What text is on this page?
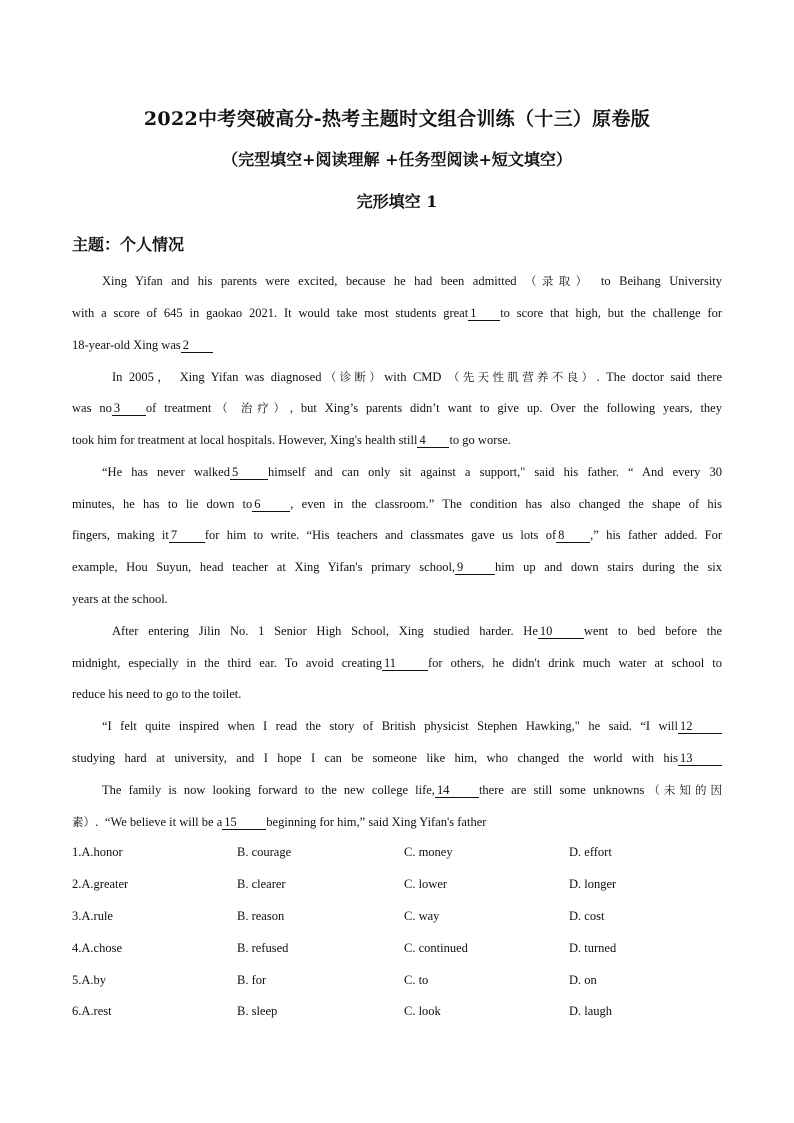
2022中考突破高分-热考主题时文组合训练（十三）原卷版
（完型填空+阅读理解 +任务型阅读+短文填空）
完形填空 1
主题：个人情况
Xing Yifan and his parents were excited, because he had been admitted （录取） to Beihang University
with a score of 645 in gaokao 2021. It would take most students great 1 to score that high, but the challenge for
18-year-old Xing was 2
In 2005， Xing Yifan was diagnosed（诊断）with CMD （先天性肌营养不良）. The doctor said there
was no 3 of treatment（ 治疗）, but Xing’s parents didn’t want to give up. Over the following years, they
took him for treatment at local hospitals. However, Xing's health still 4 to go worse.
“He has never walked 5 himself and can only sit against a support," said his father. “ And every 30
minutes, he has to lie down to 6 , even in the classroom.” The condition has also changed the shape of his
fingers, making it 7 for him to write. “His teachers and classmates gave us lots of 8 ,” his father added. For
example, Hou Suyun, head teacher at Xing Yifan's primary school, 9	him up and down stairs during the six
years at the school.
After entering Jilin No. 1 Senior High School, Xing studied harder. He 10	went to bed before the
midnight, especially in the third ear. To avoid creating 11	for others, he didn't drink much water at school to
reduce his need to go to the toilet.
“I felt quite inspired when I read the story of British physicist Stephen Hawking," he said. “I will 12
studying hard at university, and I hope I can be someone like him, who changed the world with his 13
The family is now looking forward to the new college life, 14 there are still some unknowns（未知的因
素）. “We believe it will be a 15 beginning for him,” said Xing Yifan's father
1.A.honor	B. courage	C. money	D. effort
2.A.greater	B. clearer	C. lower	D. longer
3.A.rule	B. reason	C. way	D. cost
4.A.chose	B. refused	C. continued	D. turned
5.A.by	B. for	C. to	D. on
6.A.rest	B. sleep	C. look	D. laugh
